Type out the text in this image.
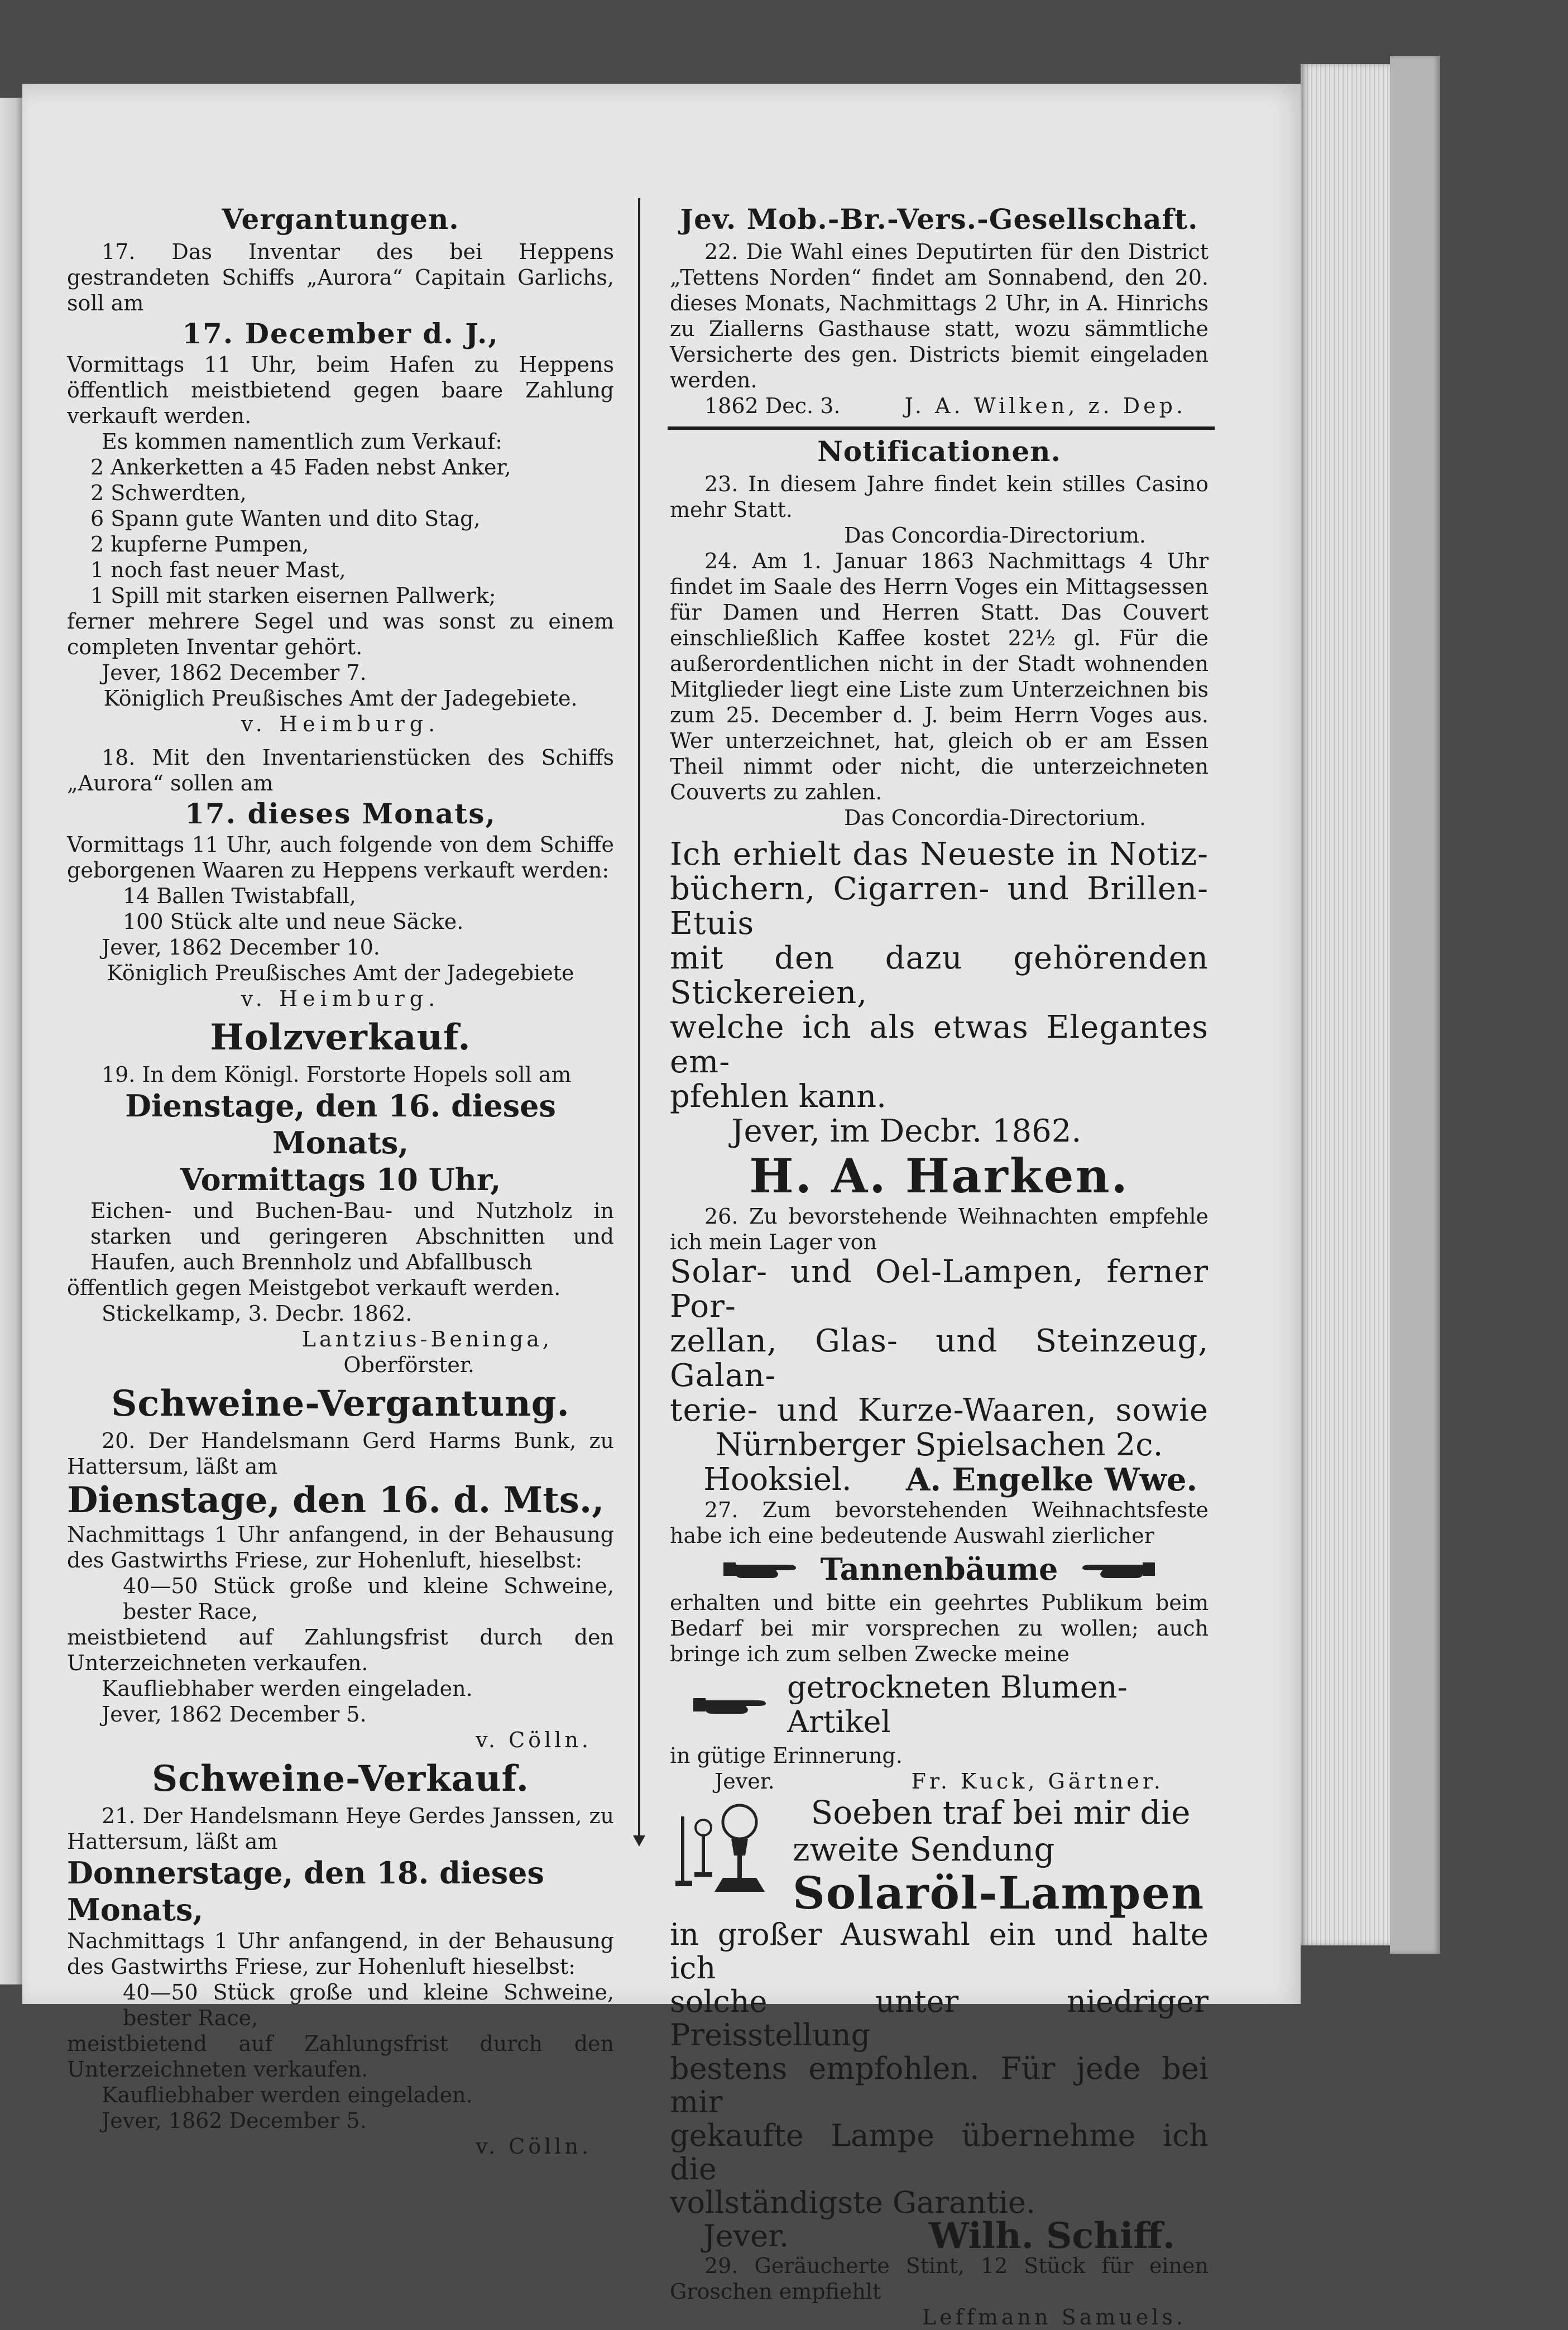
Vergantungen.

17. Das Inventar des bei Heppens gestrandeten Schiffs „Aurora“ Capitain Garlichs, soll am

17. December d. J.,

Vormittags 11 Uhr, beim Hafen zu Heppens öffentlich meistbietend gegen baare Zahlung verkauft werden.

Es kommen namentlich zum Verkauf:

2 Ankerketten a 45 Faden nebst Anker,

2 Schwerdten,

6 Spann gute Wanten und dito Stag,

2 kupferne Pumpen,

1 noch fast neuer Mast,

1 Spill mit starken eisernen Pallwerk;

ferner mehrere Segel und was sonst zu einem completen Inventar gehört.

Jever, 1862 December 7.

Königlich Preußisches Amt der Jadegebiete.

v. Heimburg.

18. Mit den Inventarienstücken des Schiffs „Aurora“ sollen am

17. dieses Monats,

Vormittags 11 Uhr, auch folgende von dem Schiffe geborgenen Waaren zu Heppens verkauft werden:

14 Ballen Twistabfall,

100 Stück alte und neue Säcke.

Jever, 1862 December 10.

Königlich Preußisches Amt der Jadegebiete

v. Heimburg.

Holzverkauf.

19. In dem Königl. Forstorte Hopels soll am

Dienstage, den 16. dieses Monats,

Vormittags 10 Uhr,

Eichen- und Buchen-Bau- und Nutzholz in starken und geringeren Abschnitten und Haufen, auch Brennholz und Abfallbusch

öffentlich gegen Meistgebot verkauft werden.

Stickelkamp, 3. Decbr. 1862.

Lantzius-Beninga,

Oberförster.

Schweine-Vergantung.

20. Der Handelsmann Gerd Harms Bunk, zu Hattersum, läßt am

Dienstage, den 16. d. Mts.,

Nachmittags 1 Uhr anfangend, in der Behausung des Gastwirths Friese, zur Hohenluft, hieselbst:

40—50 Stück große und kleine Schweine, bester Race,

meistbietend auf Zahlungsfrist durch den Unterzeichneten verkaufen.

Kaufliebhaber werden eingeladen.

Jever, 1862 December 5.

v. Cölln.

Schweine-Verkauf.

21. Der Handelsmann Heye Gerdes Janssen, zu Hattersum, läßt am

Donnerstage, den 18. dieses Monats,

Nachmittags 1 Uhr anfangend, in der Behausung des Gastwirths Friese, zur Hohenluft hieselbst:

40—50 Stück große und kleine Schweine, bester Race,

meistbietend auf Zahlungsfrist durch den Unterzeichneten verkaufen.

Kaufliebhaber werden eingeladen.

Jever, 1862 December 5.

v. Cölln.

Jev. Mob.-Br.-Vers.-Gesellschaft.

22. Die Wahl eines Deputirten für den District „Tettens Norden“ findet am Sonnabend, den 20. dieses Monats, Nachmittags 2 Uhr, in A. Hinrichs zu Ziallerns Gasthause statt, wozu sämmtliche Versicherte des gen. Districts biemit eingeladen werden.

1862 Dec. 3.	J. A. Wilken, z. Dep.

Notificationen.

23. In diesem Jahre findet kein stilles Casino mehr Statt.

Das Concordia-Directorium.

24. Am 1. Januar 1863 Nachmittags 4 Uhr findet im Saale des Herrn Voges ein Mittagsessen für Damen und Herren Statt. Das Couvert einschließlich Kaffee kostet 22½ gl. Für die außerordentlichen nicht in der Stadt wohnenden Mitglieder liegt eine Liste zum Unterzeichnen bis zum 25. December d. J. beim Herrn Voges aus. Wer unterzeichnet, hat, gleich ob er am Essen Theil nimmt oder nicht, die unterzeichneten Couverts zu zahlen.

Das Concordia-Directorium.

Ich erhielt das Neueste in Notiz-

büchern, Cigarren- und Brillen-Etuis

mit den dazu gehörenden Stickereien,

welche ich als etwas Elegantes em-

pfehlen kann.

Jever, im Decbr. 1862.

H. A. Harken.

26. Zu bevorstehende Weihnachten empfehle ich mein Lager von

Solar- und Oel-Lampen, ferner Por-

zellan, Glas- und Steinzeug, Galan-

terie- und Kurze-Waaren, sowie

Nürnberger Spielsachen 2c.

Hooksiel. A. Engelke Wwe.

27. Zum bevorstehenden Weihnachtsfeste habe ich eine bedeutende Auswahl zierlicher

Tannenbäume

erhalten und bitte ein geehrtes Publikum beim Bedarf bei mir vorsprechen zu wollen; auch bringe ich zum selben Zwecke meine

getrockneten Blumen-Artikel

in gütige Erinnerung.

Jever.	Fr. Kuck, Gärtner.

Soeben traf bei mir die

zweite Sendung

Solaröl-Lampen

in großer Auswahl ein und halte ich

solche unter niedriger Preisstellung

bestens empfohlen. Für jede bei mir

gekaufte Lampe übernehme ich die

vollständigste Garantie.

Jever.	Wilh. Schiff.

29. Geräucherte Stint, 12 Stück für einen Groschen empfiehlt

Leffmann Samuels.
